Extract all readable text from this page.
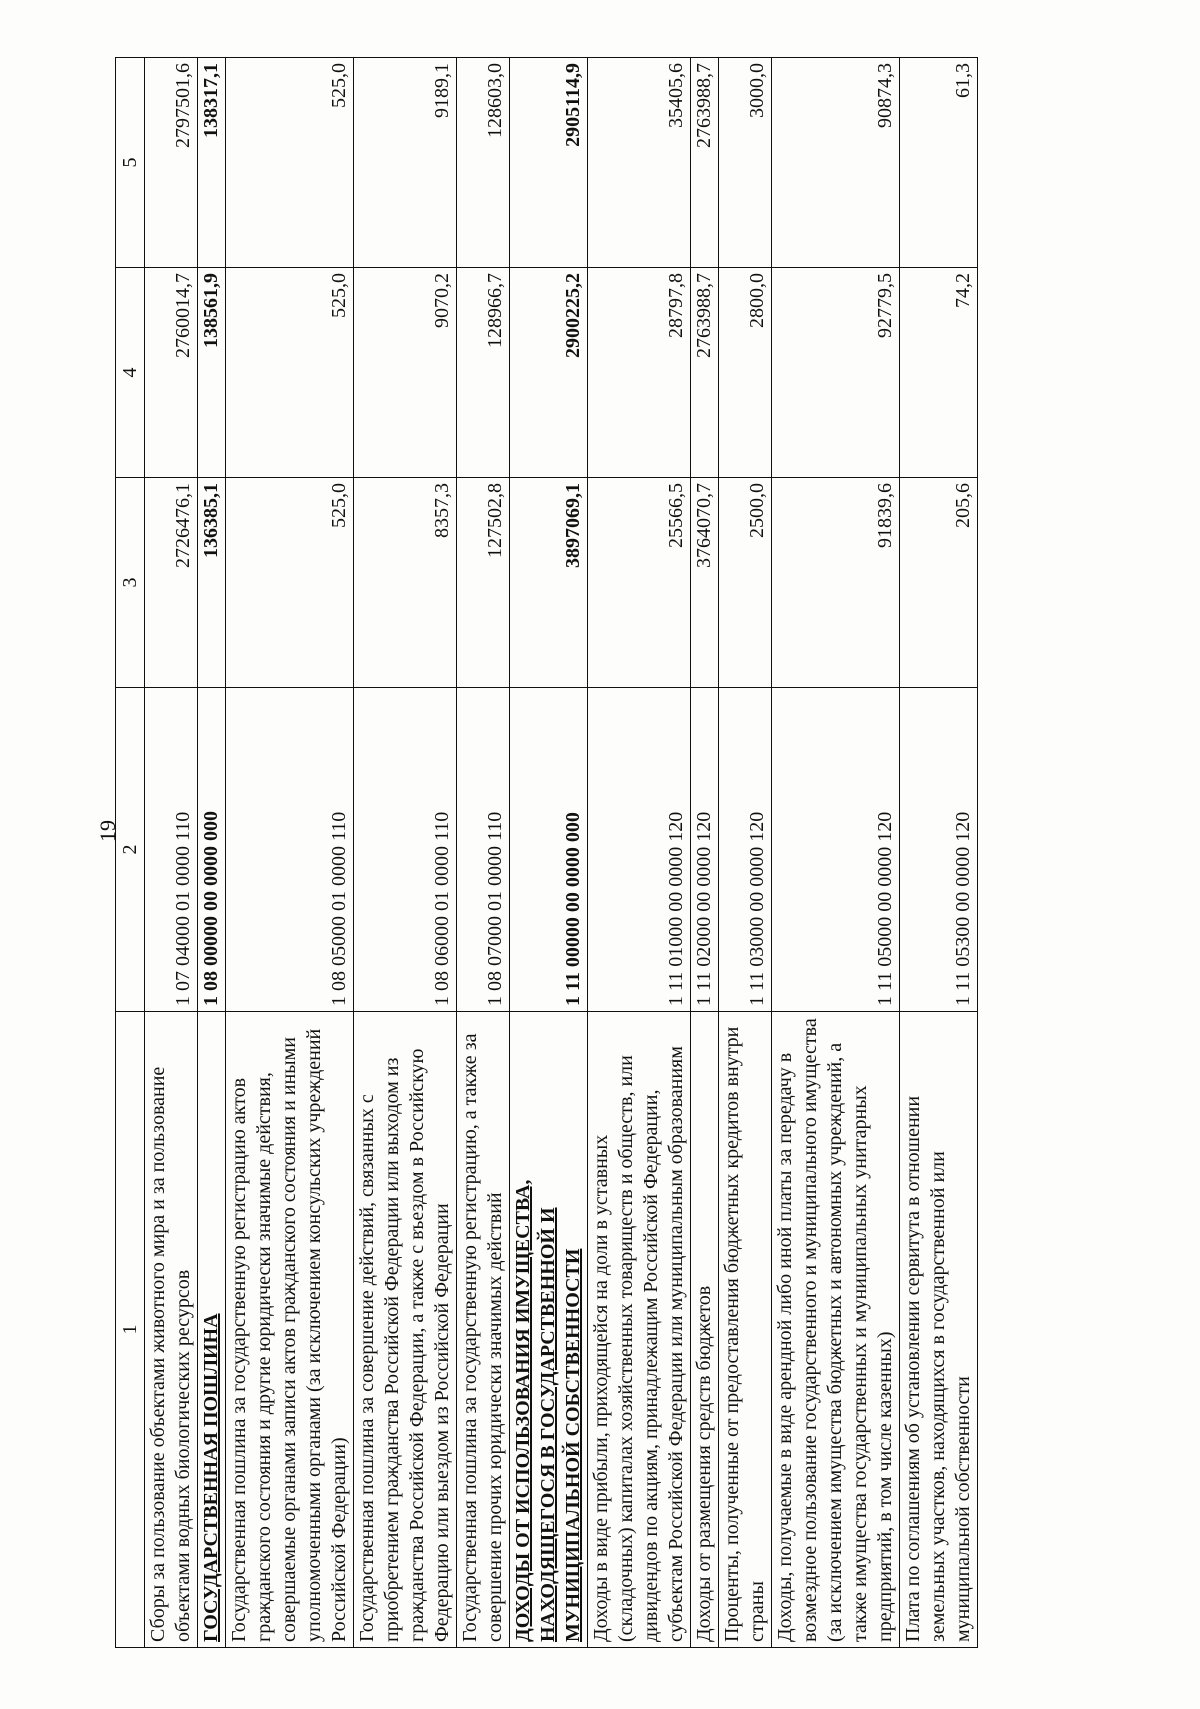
19
1	2	3	4	5
Сборы за пользование объектами животного мира и за пользование объектами водных биологических ресурсов	1 07 04000 01 0000 110	2726476,1	2760014,7	2797501,6
ГОСУДАРСТВЕННАЯ ПОШЛИНА	1 08 00000 00 0000 000	136385,1	138561,9	138317,1
Государственная пошлина за государственную регистрацию актов гражданского состояния и другие юридически значимые действия, совершаемые органами записи актов гражданского состояния и иными уполномоченными органами (за исключением консульских учреждений Российской Федерации)	1 08 05000 01 0000 110	525,0	525,0	525,0
Государственная пошлина за совершение действий, связанных с приобретением гражданства Российской Федерации или выходом из гражданства Российской Федерации, а также с въездом в Российскую Федерацию или выездом из Российской Федерации	1 08 06000 01 0000 110	8357,3	9070,2	9189,1
Государственная пошлина за государственную регистрацию, а также за совершение прочих юридически значимых действий	1 08 07000 01 0000 110	127502,8	128966,7	128603,0
ДОХОДЫ ОТ ИСПОЛЬЗОВАНИЯ ИМУЩЕСТВА, НАХОДЯЩЕГОСЯ В ГОСУДАРСТВЕННОЙ И МУНИЦИПАЛЬНОЙ СОБСТВЕННОСТИ	1 11 00000 00 0000 000	3897069,1	2900225,2	2905114,9
Доходы в виде прибыли, приходящейся на доли в уставных (складочных) капиталах хозяйственных товариществ и обществ, или дивидендов по акциям, принадлежащим Российской Федерации, субъектам Российской Федерации или муниципальным образованиям	1 11 01000 00 0000 120	25566,5	28797,8	35405,6
Доходы от размещения средств бюджетов	1 11 02000 00 0000 120	3764070,7	2763988,7	2763988,7
Проценты, полученные от предоставления бюджетных кредитов внутри страны	1 11 03000 00 0000 120	2500,0	2800,0	3000,0
Доходы, получаемые в виде арендной либо иной платы за передачу в возмездное пользование государственного и муниципального имущества (за исключением имущества бюджетных и автономных учреждений, а также имущества государственных и муниципальных унитарных предприятий, в том числе казенных)	1 11 05000 00 0000 120	91839,6	92779,5	90874,3
Плата по соглашениям об установлении сервитута в отношении земельных участков, находящихся в государственной или муниципальной собственности	1 11 05300 00 0000 120	205,6	74,2	61,3
